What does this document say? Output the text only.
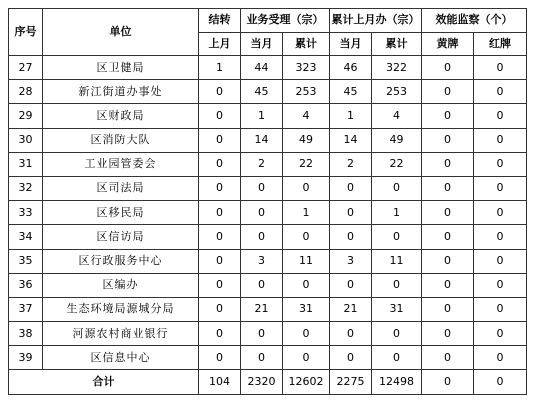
序号	单位	结转	业务受理（宗）		累计上月办（宗）		效能监察（个）	
		上月	当月	累计	当月	累计	黄牌	红牌
27	区卫健局	1	44	323	46	322	0	0
28	新江街道办事处	0	45	253	45	253	0	0
29	区财政局	0	1	4	1	4	0	0
30	区消防大队	0	14	49	14	49	0	0
31	工业园管委会	0	2	22	2	22	0	0
32	区司法局	0	0	0	0	0	0	0
33	区移民局	0	0	1	0	1	0	0
34	区信访局	0	0	0	0	0	0	0
35	区行政服务中心	0	3	11	3	11	0	0
36	区编办	0	0	0	0	0	0	0
37	生态环境局源城分局	0	21	31	21	31	0	0
38	河源农村商业银行	0	0	0	0	0	0	0
39	区信息中心	0	0	0	0	0	0	0
合计		104	2320	12602	2275	12498	0	0
